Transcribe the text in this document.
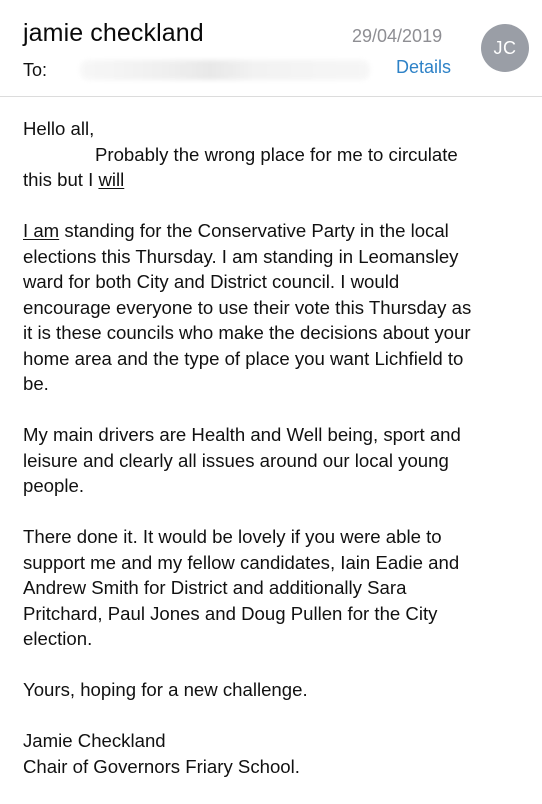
jamie checkland	29/04/2019
JC
To:	Details
Hello all,
Probably the wrong place for me to circulate
this but I will
I am standing for the Conservative Party in the local
elections this Thursday. I am standing in Leomansley
ward for both City and District council. I would
encourage everyone to use their vote this Thursday as
it is these councils who make the decisions about your
home area and the type of place you want Lichfield to
be.
My main drivers are Health and Well being, sport and
leisure and clearly all issues around our local young
people.
There done it. It would be lovely if you were able to
support me and my fellow candidates, Iain Eadie and
Andrew Smith for District and additionally Sara
Pritchard, Paul Jones and Doug Pullen for the City
election.
Yours, hoping for a new challenge.
Jamie Checkland
Chair of Governors Friary School.
